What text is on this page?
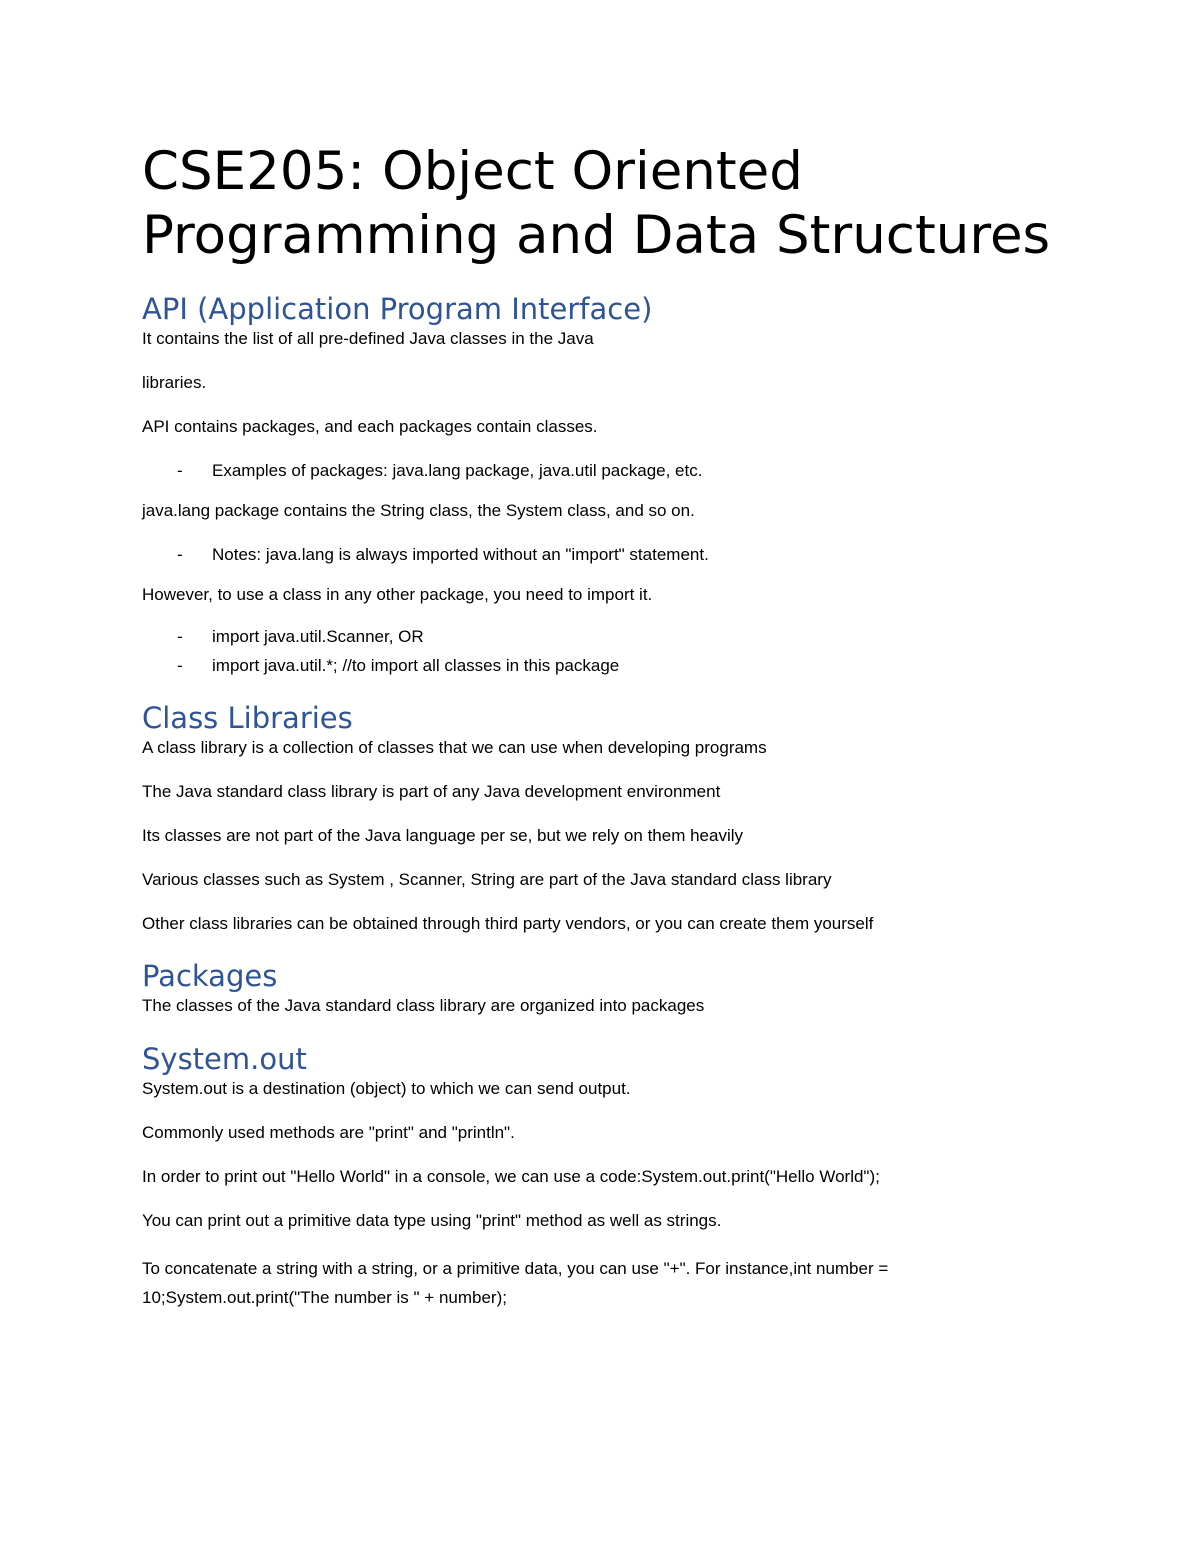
CSE205: Object Oriented
Programming and Data Structures
API (Application Program Interface)

It contains the list of all pre-defined Java classes in the Java

libraries.

API contains packages, and each packages contain classes.

- Examples of packages: java.lang package, java.util package, etc.

java.lang package contains the String class, the System class, and so on.

- Notes: java.lang is always imported without an "import" statement.

However, to use a class in any other package, you need to import it.

- import java.util.Scanner, OR
- import java.util.*; //to import all classes in this package
Class Libraries

A class library is a collection of classes that we can use when developing programs

The Java standard class library is part of any Java development environment

Its classes are not part of the Java language per se, but we rely on them heavily

Various classes such as System , Scanner, String are part of the Java standard class library

Other class libraries can be obtained through third party vendors, or you can create them yourself

Packages

The classes of the Java standard class library are organized into packages

System.out

System.out is a destination (object) to which we can send output.

Commonly used methods are "print" and "println".

In order to print out "Hello World" in a console, we can use a code:System.out.print("Hello World");

You can print out a primitive data type using "print" method as well as strings.

To concatenate a string with a string, or a primitive data, you can use "+". For instance,int number =
10;System.out.print("The number is " + number);
